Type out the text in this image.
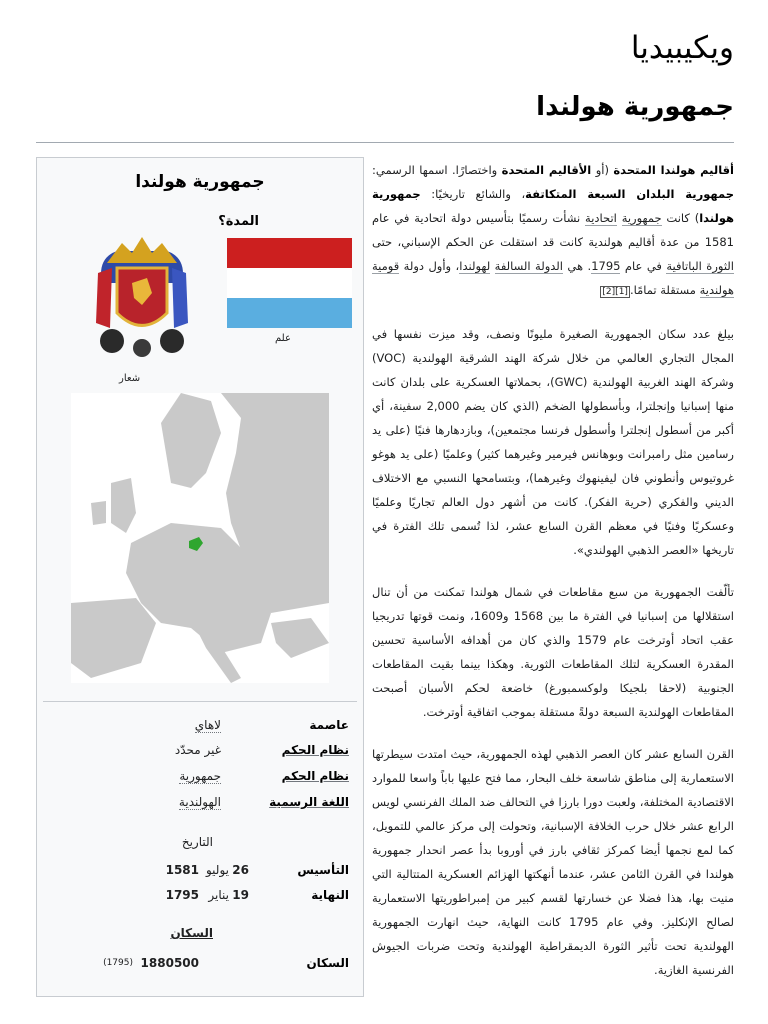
ويكيبيديا
جمهورية هولندا
جمهورية هولندا
المدة؟
علم
شعار
عاصمة
لاهاي
نظام الحكم
غير محدّد
نظام الحكم
جمهورية
اللغة الرسمية
الهولندية
التاريخ
التأسيس
26
يوليو
1581
النهاية
19
يناير
1795
السكان
السكان
1880500
(1795)

أقاليم هولندا المتحدة (أو الأقاليم المتحدة واختصارًا. اسمها الرسمي: جمهورية البلدان السبعة المتكاتفة، والشائع تاريخيًا: جمهورية هولندا) كانت جمهورية اتحادية نشأت رسميًا بتأسيس دولة اتحادية في عام 1581 من عدة أقاليم هولندية كانت قد استقلت عن الحكم الإسباني، حتى الثورة الباتافية في عام 1795. هي الدولة السالفة لهولندا، وأول دولة قومية هولندية مستقلة تمامًا.[1][2]

بيلغ عدد سكان الجمهورية الصغيرة مليونًا ونصف، وقد ميزت نفسها في المجال التجاري العالمي من خلال شركة الهند الشرقية الهولندية (VOC) وشركة الهند الغربية الهولندية (GWC)، بحملاتها العسكرية على بلدان كانت منها إسبانيا وإنجلترا، وبأسطولها الضخم (الذي كان يضم 2,000 سفينة، أي أكبر من أسطول إنجلترا وأسطول فرنسا مجتمعين)، وبازدهارها فنيًا (على يد رسامين مثل رامبرانت وبوهانس فيرمير وغيرهما كثير) وعلميًا (على يد هوغو غروتيوس وأنطوني فان ليفينهوك وغيرهما)، وبتسامحها النسبي مع الاختلاف الديني والفكري (حرية الفكر). كانت من أشهر دول العالم تجاريًا وعلميًا وعسكريًا وفنيًا في معظم القرن السابع عشر، لذا تُسمى تلك الفترة في تاريخها «العصر الذهبي الهولندي».

تألّفت الجمهورية من سبع مقاطعات في شمال هولندا تمكنت من أن تنال استقلالها من إسبانيا في الفترة ما بين 1568 و1609، ونمت قوتها تدريجيا عقب اتحاد أوترخت عام 1579 والذي كان من أهدافه الأساسية تحسين المقدرة العسكرية لتلك المقاطعات الثورية. وهكذا بينما بقيت المقاطعات الجنوبية (لاحقا بلجيكا ولوكسمبورغ) خاضعة لحكم الأسبان أصبحت المقاطعات الهولندية السبعة دولةً مستقلة بموجب اتفاقية أوترخت.

القرن السابع عشر كان العصر الذهبي لهذه الجمهورية، حيث امتدت سيطرتها الاستعمارية إلى مناطق شاسعة خلف البحار، مما فتح عليها باباً واسعا للموارد الاقتصادية المختلفة، ولعبت دورا بارزا في التحالف ضد الملك الفرنسي لويس الرابع عشر خلال حرب الخلافة الإسبانية، وتحولت إلى مركز عالمي للتمويل، كما لمع نجمها أيضا كمركز ثقافي بارز في أوروبا بدأ عصر انحدار جمهورية هولندا في القرن الثامن عشر، عندما أنهكتها الهزائم العسكرية المتتالية التي منيت بها، هذا فضلا عن خسارتها لقسم كبير من إمبراطوريتها الاستعمارية لصالح الإنكليز. وفي عام 1795 كانت النهاية، حيث انهارت الجمهورية الهولندية تحت تأثير الثورة الديمقراطية الهولندية وتحت ضربات الجيوش الفرنسية الغازية.
